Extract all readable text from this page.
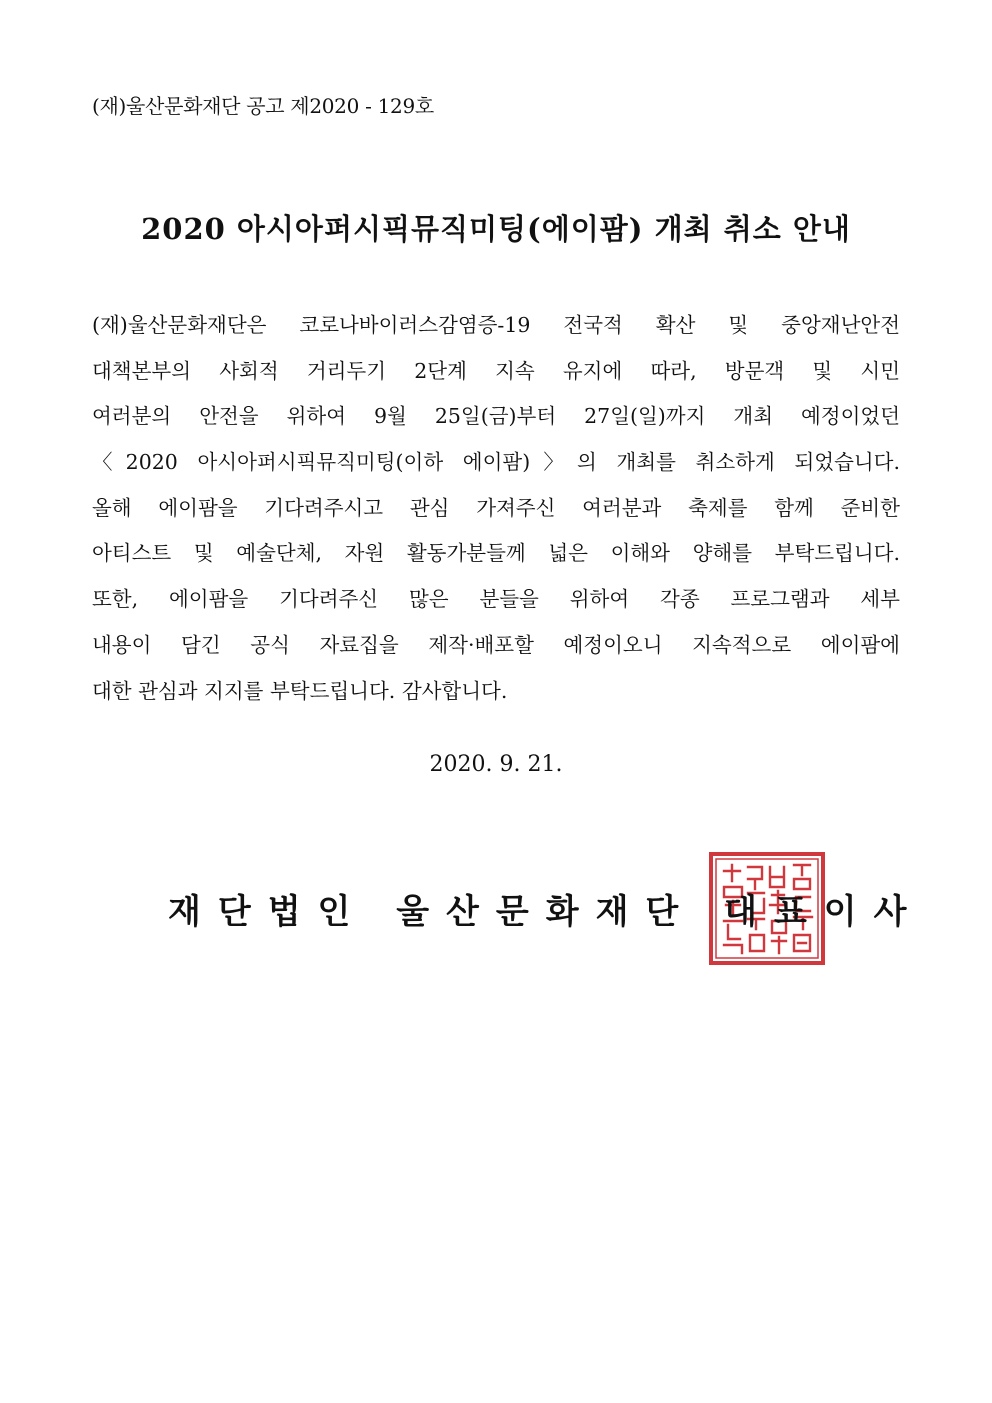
(재)울산문화재단 공고 제2020 - 129호
2020 아시아퍼시픽뮤직미팅(에이팜) 개최 취소 안내
(재)울산문화재단은 코로나바이러스감염증-19 전국적 확산 및 중앙재난안전
대책본부의 사회적 거리두기 2단계 지속 유지에 따라, 방문객 및 시민
여러분의 안전을 위하여 9월 25일(금)부터 27일(일)까지 개최 예정이었던
〈2020 아시아퍼시픽뮤직미팅(이하 에이팜)〉의 개최를 취소하게 되었습니다.
올해 에이팜을 기다려주시고 관심 가져주신 여러분과 축제를 함께 준비한
아티스트 및 예술단체, 자원 활동가분들께 넓은 이해와 양해를 부탁드립니다.
또한, 에이팜을 기다려주신 많은 분들을 위하여 각종 프로그램과 세부
내용이 담긴 공식 자료집을 제작·배포할 예정이오니 지속적으로 에이팜에
대한 관심과 지지를 부탁드립니다. 감사합니다.
2020. 9. 21.
재단법인 울산문화재단 대표이사
